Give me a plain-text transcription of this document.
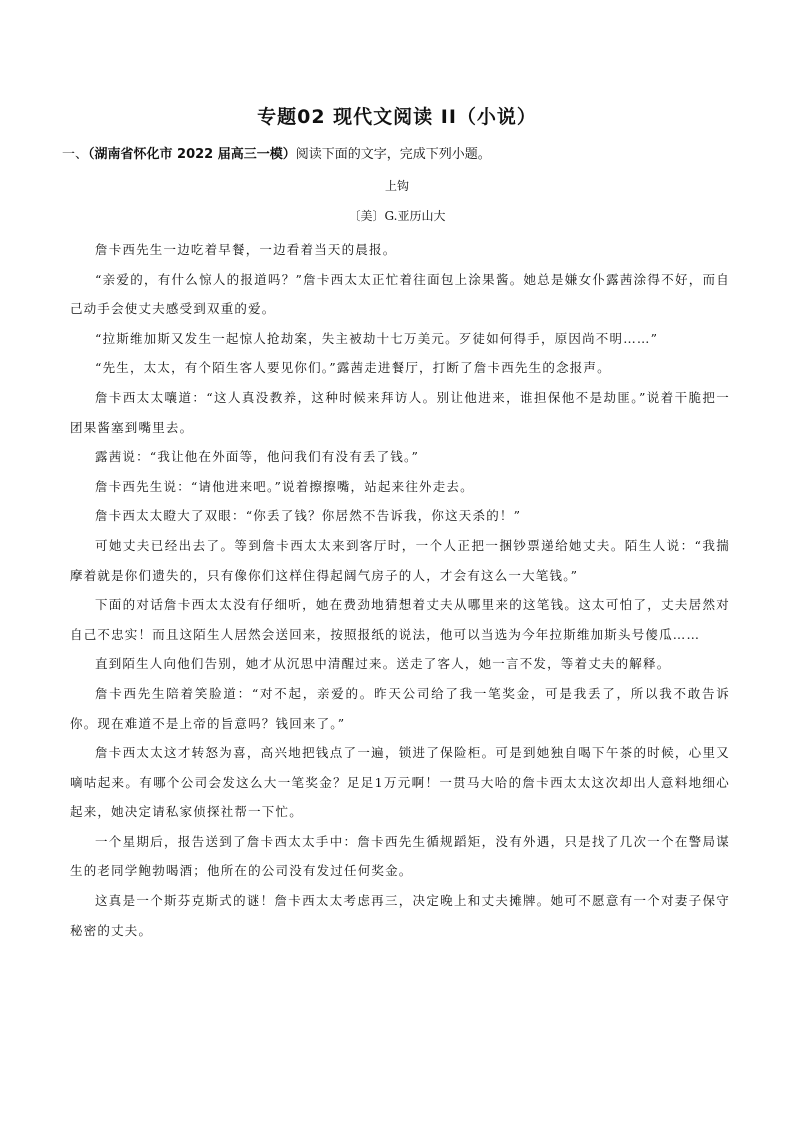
专题02 现代文阅读 II（小说）
一、（湖南省怀化市 2022 届高三一模）阅读下面的文字，完成下列小题。
上钩
〔美〕G.亚历山大

詹卡西先生一边吃着早餐，一边看着当天的晨报。

“亲爱的，有什么惊人的报道吗？”詹卡西太太正忙着往面包上涂果酱。她总是嫌女仆露茜涂得不好，而自己动手会使丈夫感受到双重的爱。

“拉斯维加斯又发生一起惊人抢劫案，失主被劫十七万美元。歹徒如何得手，原因尚不明……”

“先生，太太，有个陌生客人要见你们。”露茜走进餐厅，打断了詹卡西先生的念报声。

詹卡西太太嚷道：“这人真没教养，这种时候来拜访人。别让他进来，谁担保他不是劫匪。”说着干脆把一团果酱塞到嘴里去。

露茜说：“我让他在外面等，他问我们有没有丢了钱。”

詹卡西先生说：“请他进来吧。”说着擦擦嘴，站起来往外走去。

詹卡西太太瞪大了双眼：“你丢了钱？你居然不告诉我，你这天杀的！”

可她丈夫已经出去了。等到詹卡西太太来到客厅时，一个人正把一捆钞票递给她丈夫。陌生人说：“我揣摩着就是你们遗失的，只有像你们这样住得起阔气房子的人，才会有这么一大笔钱。”

下面的对话詹卡西太太没有仔细听，她在费劲地猜想着丈夫从哪里来的这笔钱。这太可怕了，丈夫居然对自己不忠实！而且这陌生人居然会送回来，按照报纸的说法，他可以当选为今年拉斯维加斯头号傻瓜……

直到陌生人向他们告别，她才从沉思中清醒过来。送走了客人，她一言不发，等着丈夫的解释。

詹卡西先生陪着笑脸道：“对不起，亲爱的。昨天公司给了我一笔奖金，可是我丢了，所以我不敢告诉你。现在难道不是上帝的旨意吗？钱回来了。”

詹卡西太太这才转怒为喜，高兴地把钱点了一遍，锁进了保险柜。可是到她独自喝下午茶的时候，心里又嘀咕起来。有哪个公司会发这么大一笔奖金？足足1万元啊！一贯马大哈的詹卡西太太这次却出人意料地细心起来，她决定请私家侦探社帮一下忙。

一个星期后，报告送到了詹卡西太太手中：詹卡西先生循规蹈矩，没有外遇，只是找了几次一个在警局谋生的老同学鲍勃喝酒；他所在的公司没有发过任何奖金。

这真是一个斯芬克斯式的谜！詹卡西太太考虑再三，决定晚上和丈夫摊牌。她可不愿意有一个对妻子保守秘密的丈夫。
